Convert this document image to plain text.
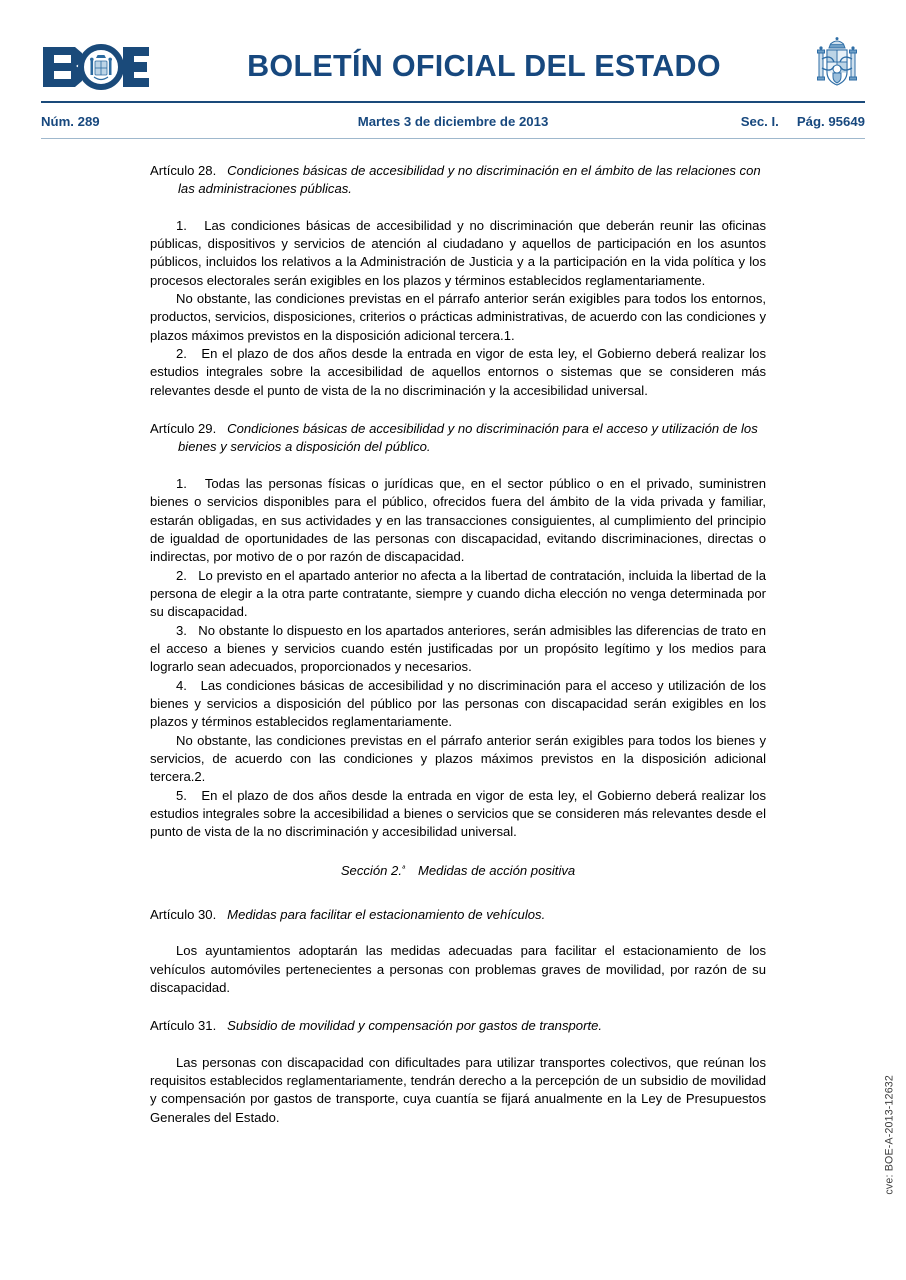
BOLETÍN OFICIAL DEL ESTADO
Núm. 289	Martes 3 de diciembre de 2013	Sec. I. Pág. 95649

Artículo 28. Condiciones básicas de accesibilidad y no discriminación en el ámbito de las relaciones con las administraciones públicas.

1. Las condiciones básicas de accesibilidad y no discriminación que deberán reunir las oficinas públicas, dispositivos y servicios de atención al ciudadano y aquellos de participación en los asuntos públicos, incluidos los relativos a la Administración de Justicia y a la participación en la vida política y los procesos electorales serán exigibles en los plazos y términos establecidos reglamentariamente.

No obstante, las condiciones previstas en el párrafo anterior serán exigibles para todos los entornos, productos, servicios, disposiciones, criterios o prácticas administrativas, de acuerdo con las condiciones y plazos máximos previstos en la disposición adicional tercera.1.

2. En el plazo de dos años desde la entrada en vigor de esta ley, el Gobierno deberá realizar los estudios integrales sobre la accesibilidad de aquellos entornos o sistemas que se consideren más relevantes desde el punto de vista de la no discriminación y la accesibilidad universal.

Artículo 29. Condiciones básicas de accesibilidad y no discriminación para el acceso y utilización de los bienes y servicios a disposición del público.

1. Todas las personas físicas o jurídicas que, en el sector público o en el privado, suministren bienes o servicios disponibles para el público, ofrecidos fuera del ámbito de la vida privada y familiar, estarán obligadas, en sus actividades y en las transacciones consiguientes, al cumplimiento del principio de igualdad de oportunidades de las personas con discapacidad, evitando discriminaciones, directas o indirectas, por motivo de o por razón de discapacidad.

2. Lo previsto en el apartado anterior no afecta a la libertad de contratación, incluida la libertad de la persona de elegir a la otra parte contratante, siempre y cuando dicha elección no venga determinada por su discapacidad.

3. No obstante lo dispuesto en los apartados anteriores, serán admisibles las diferencias de trato en el acceso a bienes y servicios cuando estén justificadas por un propósito legítimo y los medios para lograrlo sean adecuados, proporcionados y necesarios.

4. Las condiciones básicas de accesibilidad y no discriminación para el acceso y utilización de los bienes y servicios a disposición del público por las personas con discapacidad serán exigibles en los plazos y términos establecidos reglamentariamente.

No obstante, las condiciones previstas en el párrafo anterior serán exigibles para todos los bienes y servicios, de acuerdo con las condiciones y plazos máximos previstos en la disposición adicional tercera.2.

5. En el plazo de dos años desde la entrada en vigor de esta ley, el Gobierno deberá realizar los estudios integrales sobre la accesibilidad a bienes o servicios que se consideren más relevantes desde el punto de vista de la no discriminación y accesibilidad universal.

Sección 2.$^ª$ Medidas de acción positiva

Artículo 30. Medidas para facilitar el estacionamiento de vehículos.

Los ayuntamientos adoptarán las medidas adecuadas para facilitar el estacionamiento de los vehículos automóviles pertenecientes a personas con problemas graves de movilidad, por razón de su discapacidad.

Artículo 31. Subsidio de movilidad y compensación por gastos de transporte.

Las personas con discapacidad con dificultades para utilizar transportes colectivos, que reúnan los requisitos establecidos reglamentariamente, tendrán derecho a la percepción de un subsidio de movilidad y compensación por gastos de transporte, cuya cuantía se fijará anualmente en la Ley de Presupuestos Generales del Estado.	cve: BOE-A-2013-12632
